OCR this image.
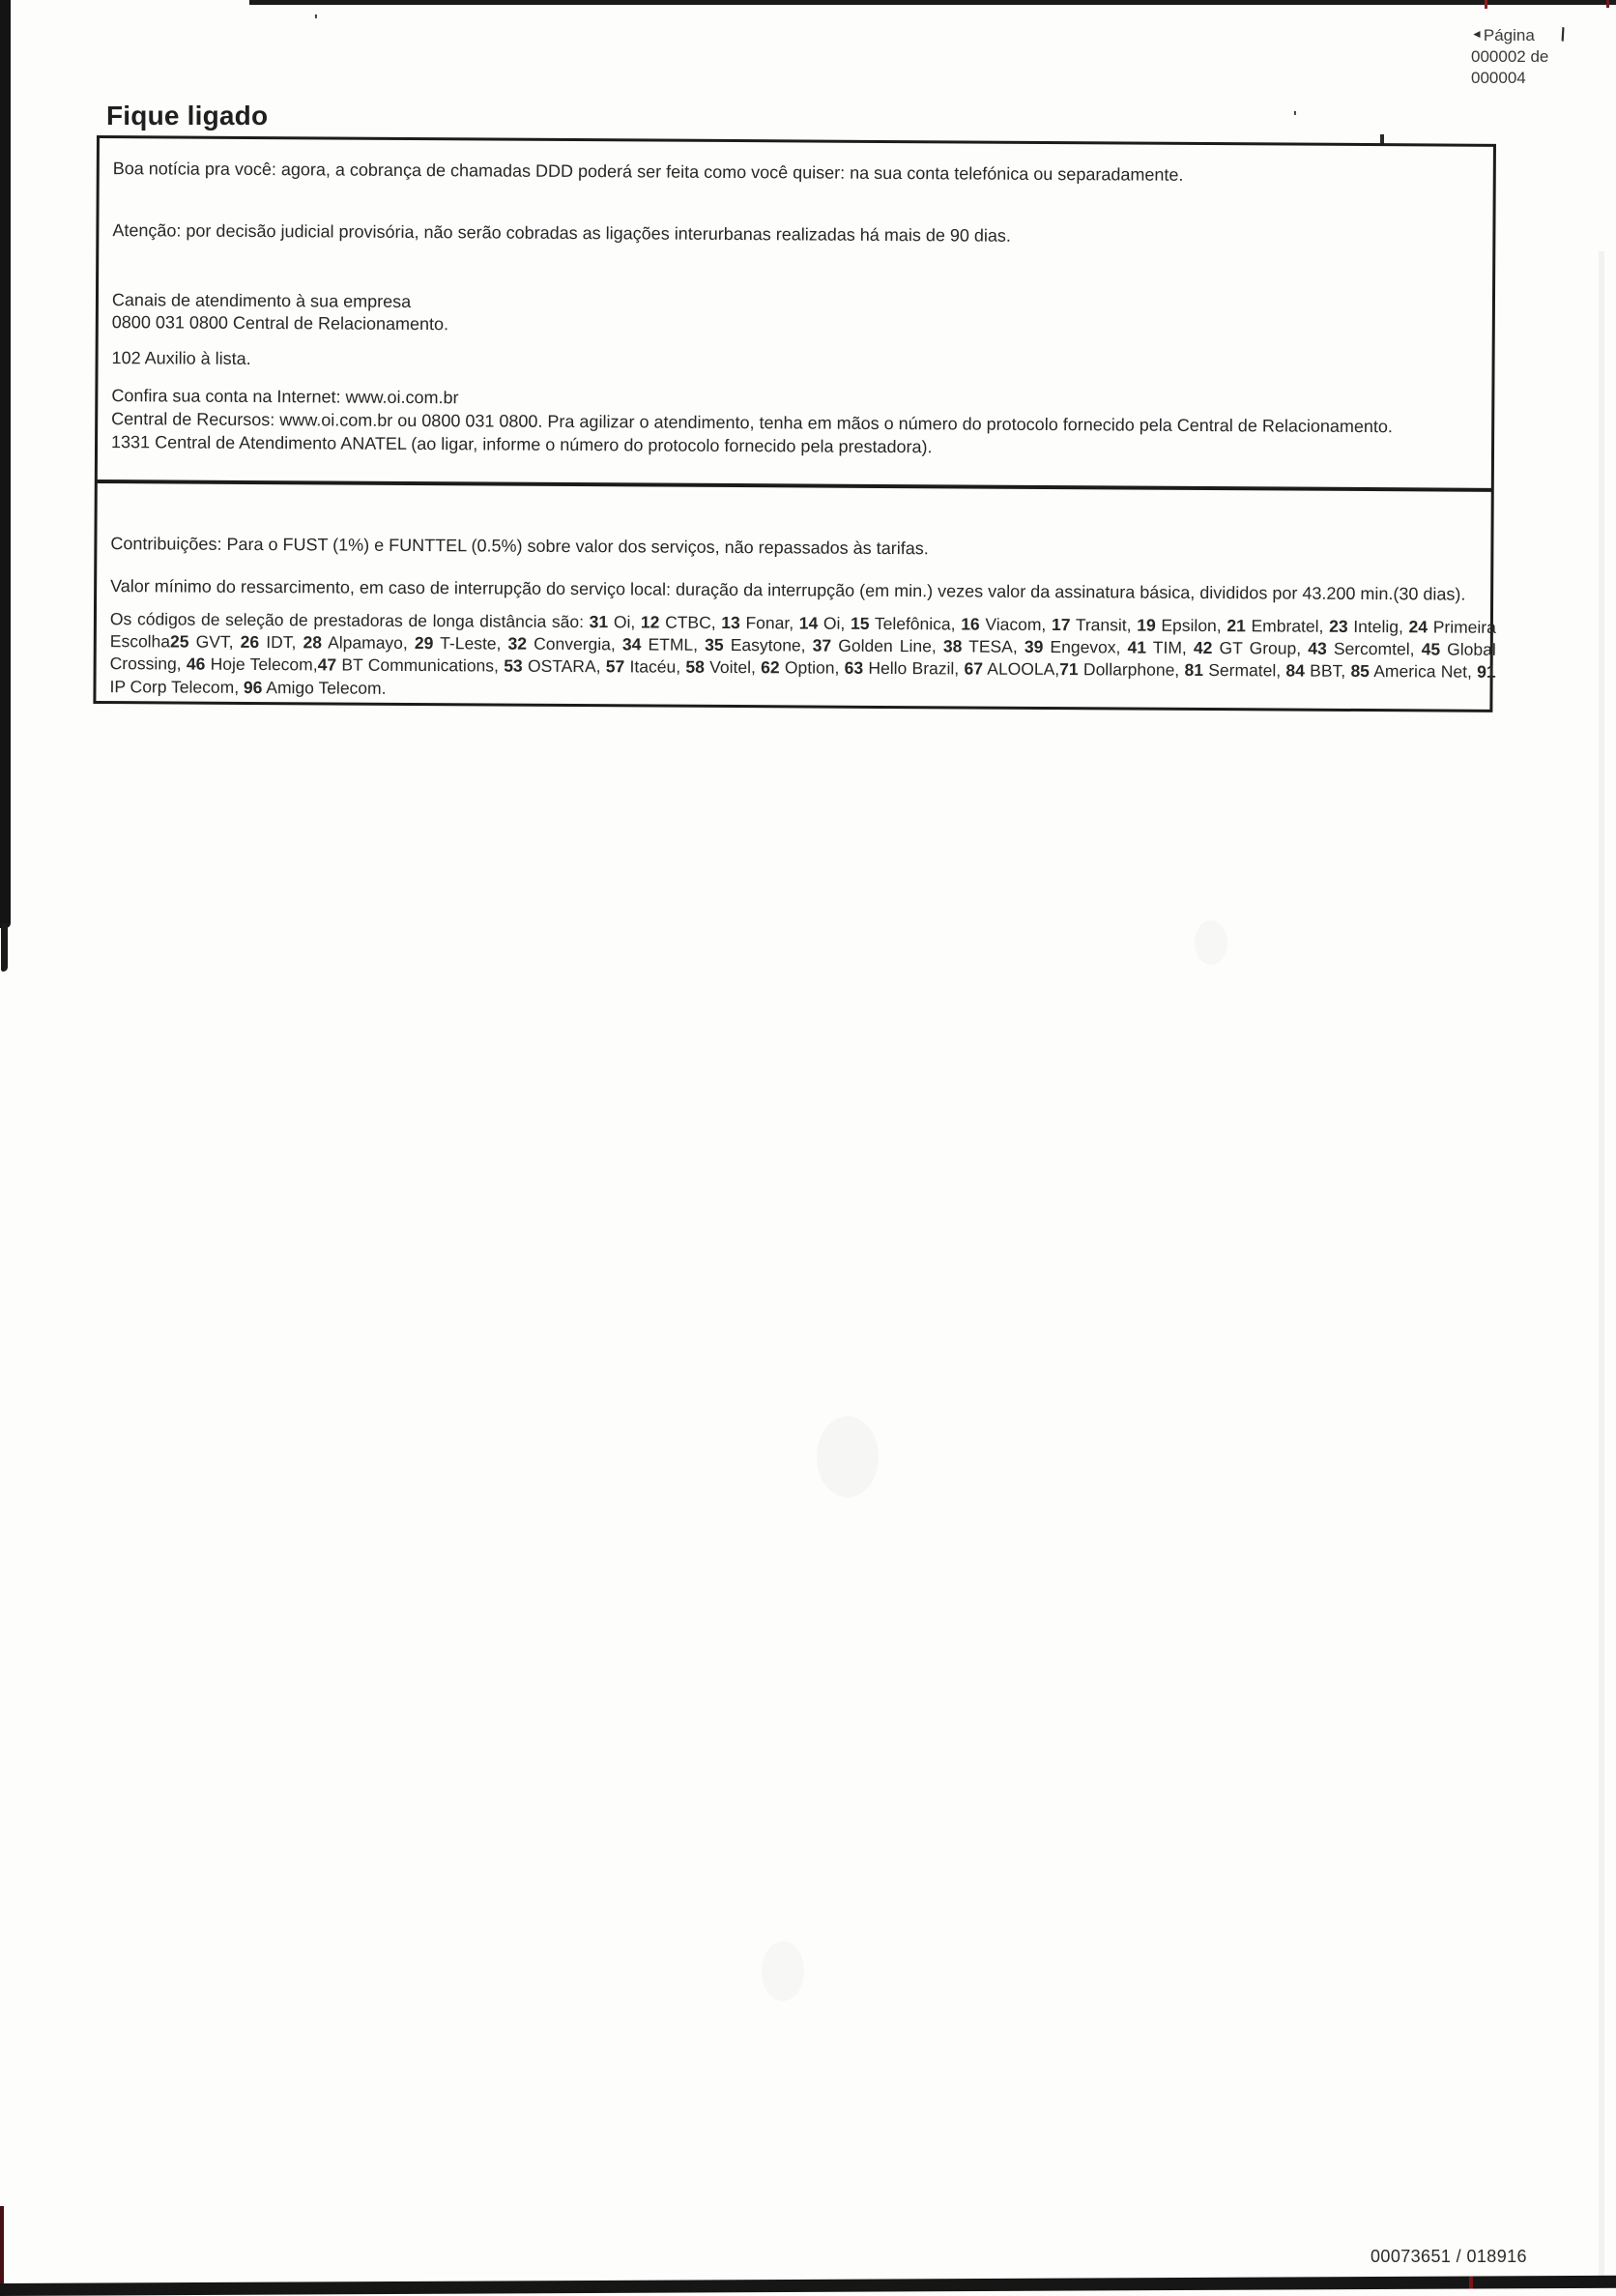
'
'
◄ Página \
000002 de
000004
Fique ligado

Boa notícia pra você: agora, a cobrança de chamadas DDD poderá ser feita como você quiser: na sua conta telefónica ou separadamente.

Atenção: por decisão judicial provisória, não serão cobradas as ligações interurbanas realizadas há mais de 90 dias.

Canais de atendimento à sua empresa
0800 031 0800 Central de Relacionamento.

102 Auxilio à lista.

Confira sua conta na Internet: www.oi.com.br
Central de Recursos: www.oi.com.br ou 0800 031 0800. Pra agilizar o atendimento, tenha em mãos o número do protocolo fornecido pela Central de Relacionamento.
1331 Central de Atendimento ANATEL (ao ligar, informe o número do protocolo fornecido pela prestadora).

Contribuições: Para o FUST (1%) e FUNTTEL (0.5%) sobre valor dos serviços, não repassados às tarifas.

Valor mínimo do ressarcimento, em caso de interrupção do serviço local: duração da interrupção (em min.) vezes valor da assinatura básica, divididos por 43.200 min.(30 dias).

Os códigos de seleção de prestadoras de longa distância são: 31 Oi, 12 CTBC, 13 Fonar, 14 Oi, 15 Telefônica, 16 Viacom, 17 Transit, 19 Epsilon, 21 Embratel, 23 Intelig, 24 Primeira Escolha25 GVT, 26 IDT, 28 Alpamayo, 29 T-Leste, 32 Convergia, 34 ETML, 35 Easytone, 37 Golden Line, 38 TESA, 39 Engevox, 41 TIM, 42 GT Group, 43 Sercomtel, 45 Global Crossing, 46 Hoje Telecom,47 BT Communications, 53 OSTARA, 57 Itacéu, 58 Voitel, 62 Option, 63 Hello Brazil, 67 ALOOLA,71 Dollarphone, 81 Sermatel, 84 BBT, 85 America Net, 91 IP Corp Telecom, 96 Amigo Telecom.

00073651 / 018916
